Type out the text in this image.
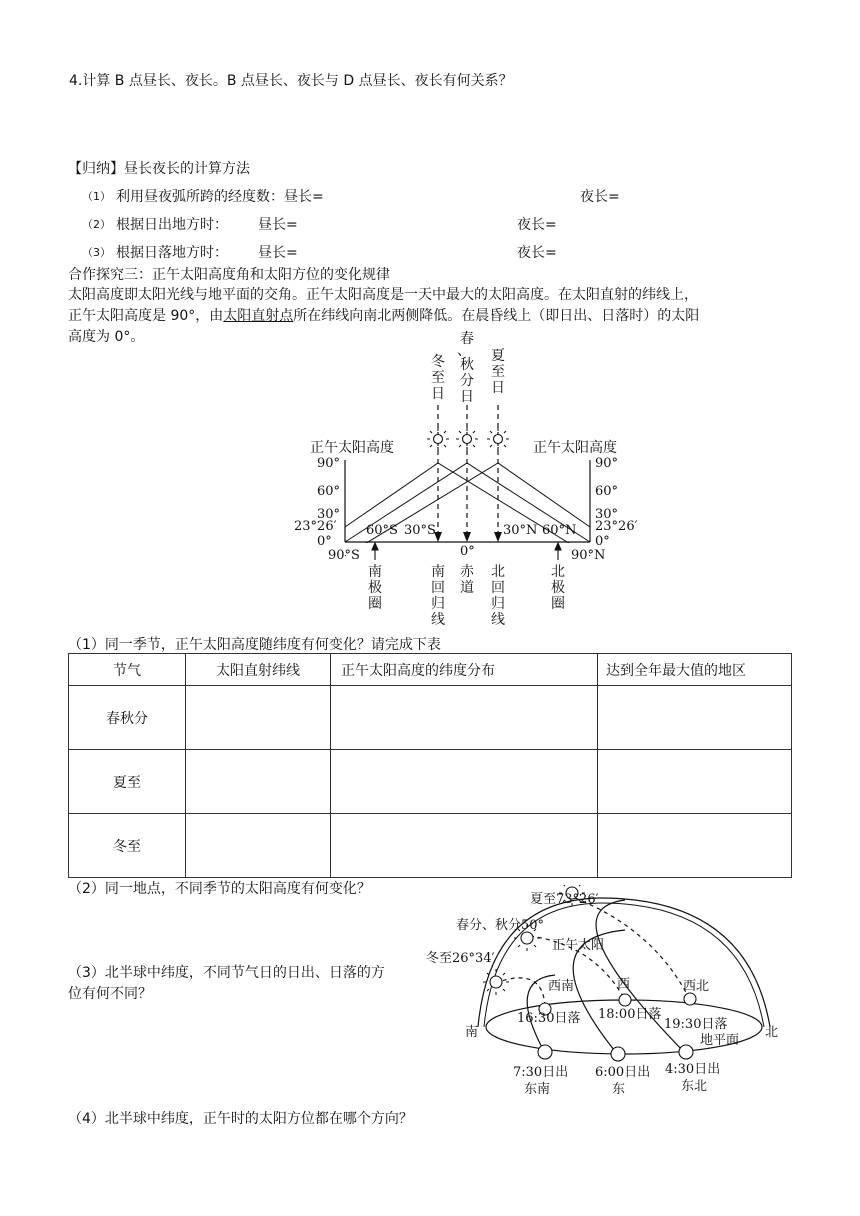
4.计算 B 点昼长、夜长。B 点昼长、夜长与 D 点昼长、夜长有何关系？
【归纳】昼长夜长的计算方法
（1） 利用昼夜弧所跨的经度数：昼长=	夜长=
（2） 根据日出地方时： 昼长=	夜长=
（3） 根据日落地方时： 昼长=	夜长=
合作探究三：正午太阳高度角和太阳方位的变化规律
太阳高度即太阳光线与地平面的交角。正午太阳高度是一天中最大的太阳高度。在太阳直射的纬线上，
正午太阳高度是 90°，由太阳直射点所在纬线向南北两侧降低。在晨昏线上（即日出、日落时）的太阳
高度为 0°。
冬
至
日
春
、
秋
分
日
夏
至
日
正午太阳高度	正午太阳高度
90°
60°
30°
23°26′
0°
90°
60°
30°
23°26′
0°
60°S 30°S	30°N 60°N
90°S	90°N
0°
南
极
圈
南
回
归
线
赤
道
北
回
归
线
北
极
圈
（1）同一季节，正午太阳高度随纬度有何变化？请完成下表
节气	太阳直射纬线	正午太阳高度的纬度分布	达到全年最大值的地区
春秋分			
夏至			
冬至			
（2）同一地点，不同季节的太阳高度有何变化？
（3）北半球中纬度，不同节气日的日出、日落的方
位有何不同？
（4）北半球中纬度，正午时的太阳方位都在哪个方向？
夏至73°26′
春分、秋分50°
冬至26°34′
正午太阳
西南	西	西北
16:30日落 18:00日落
19:30日落
地平面
南	北
7:30日出
东南
6:00日出
东
4:30日出
东北
